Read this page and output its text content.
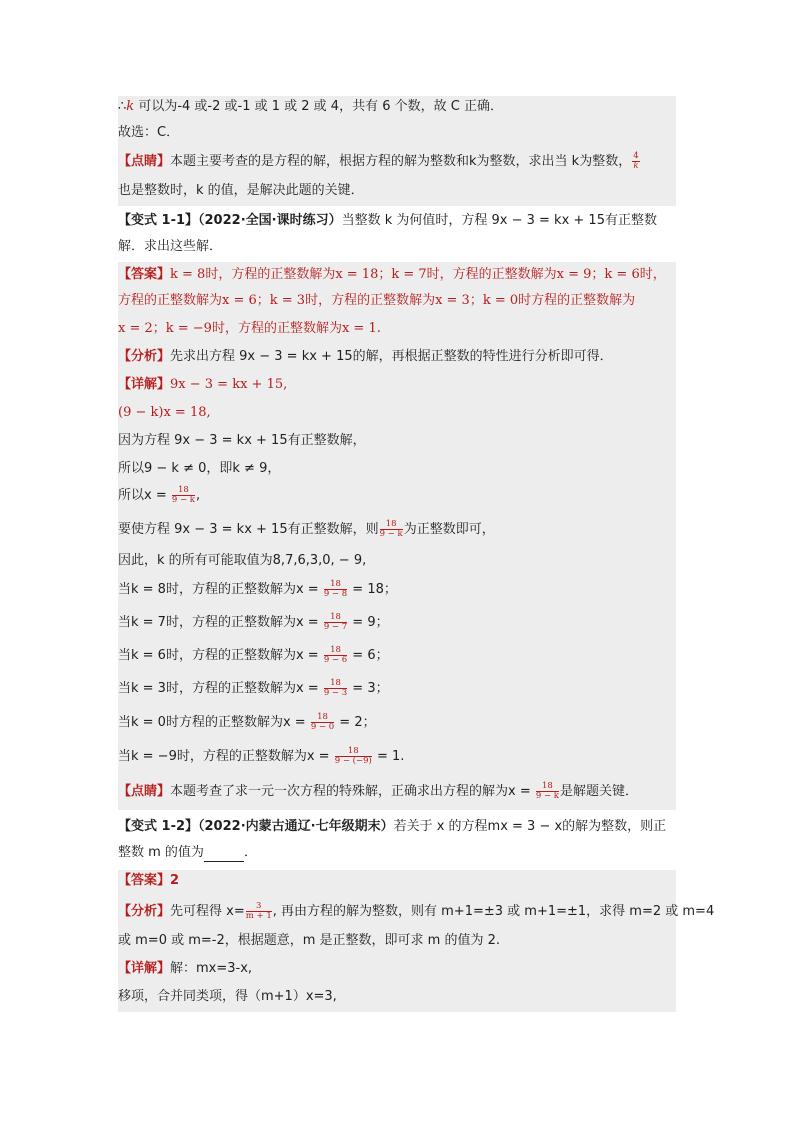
∴k 可以为-4 或-2 或-1 或 1 或 2 或 4，共有 6 个数，故 C 正确．
故选：C．
【点睛】本题主要考查的是方程的解，根据方程的解为整数和k为整数，求出当 k为整数， $\frac{4}{k}$
也是整数时，k 的值，是解决此题的关键．
【变式 1-1】（2022·全国·课时练习）当整数 k 为何值时，方程 9x − 3 = kx + 15有正整数
解．求出这些解．
【答案】k = 8时，方程的正整数解为x = 18；k = 7时，方程的正整数解为x = 9；k = 6时，
方程的正整数解为x = 6；k = 3时，方程的正整数解为x = 3；k = 0时方程的正整数解为
x = 2；k = −9时，方程的正整数解为x = 1.
【分析】先求出方程 9x − 3 = kx + 15的解，再根据正整数的特性进行分析即可得．
【详解】9x − 3 = kx + 15,
(9 − k)x = 18,
因为方程 9x − 3 = kx + 15有正整数解，
所以9 − k ≠ 0，即k ≠ 9，
所以$x = \frac{18}{9 - k}$ ,
要使方程 9x − 3 = kx + 15有正整数解，则 $\frac{18}{9 - k}$ 为正整数即可，
因此，k 的所有可能取值为8,7,6,3,0, − 9,
当k = 8时，方程的正整数解为$x = \frac{18}{9 - 8} = 18$；
当k = 7时，方程的正整数解为$x = \frac{18}{9 - 7} = 9$；
当k = 6时，方程的正整数解为$x = \frac{18}{9 - 6} = 6$；
当k = 3时，方程的正整数解为$x = \frac{18}{9 - 3} = 3$；
当k = 0时方程的正整数解为$x = \frac{18}{9 - 0} = 2$；
当k = −9时，方程的正整数解为$x = \frac{18}{9 - (-9)} = 1$.
【点睛】本题考查了求一元一次方程的特殊解，正确求出方程的解为$x = \frac{18}{9 - k}$ 是解题关键．
【变式 1-2】（2022·内蒙古通辽·七年级期末）若关于 x 的方程mx = 3 − x的解为整数，则正
整数 m 的值为	．
【答案】2
【分析】先可程得 $x= \frac{3}{m + 1}$ , 再由方程的解为整数，则有 m+1=±3 或 m+1=±1，求得 m=2 或 m=4
或 m=0 或 m=-2，根据题意，m 是正整数，即可求 m 的值为 2.
【详解】解：mx=3-x,
移项，合并同类项，得（m+1）x=3,
